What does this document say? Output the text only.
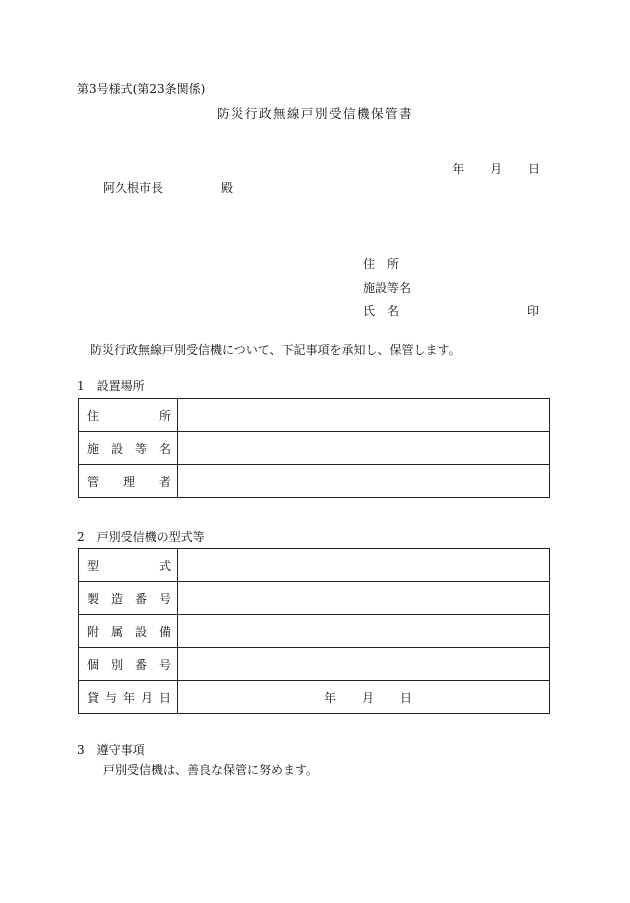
第3号様式(第23条関係)
防災行政無線戸別受信機保管書
年 月 日
阿久根市長	殿
住　所
施設等名
氏　名	印
防災行政無線戸別受信機について、下記事項を承知し、保管します。
1　設置場所
住 所	

施 設 等 名	

管 理 者	

2　戸別受信機の型式等
型 式	

製 造 番 号	

附 属 設 備	

個 別 番 号	

貸 与 年 月 日	年 月 日
3　遵守事項
戸別受信機は、善良な保管に努めます。
